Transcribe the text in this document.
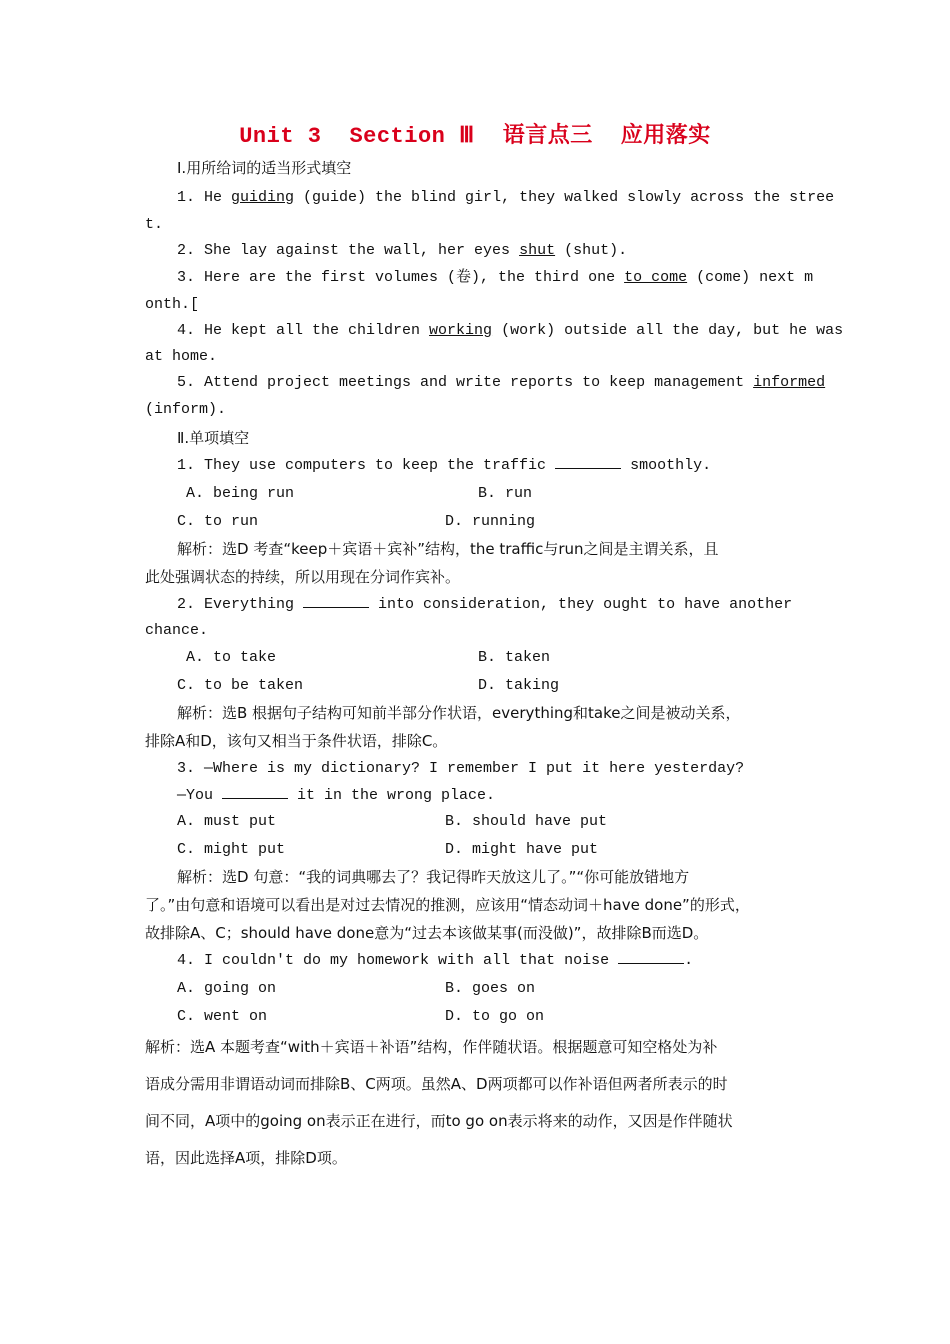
Unit 3 Section Ⅲ 语言点三 应用落实
Ⅰ.用所给词的适当形式填空
1. He guiding (guide) the blind girl, they walked slowly across the stree
t.
2. She lay against the wall, her eyes shut (shut).
3. Here are the first volumes (卷), the third one to come (come) next m
onth.[
4. He kept all the children working (work) outside all the day, but he was
at home.
5. Attend project meetings and write reports to keep management informed
(inform).
Ⅱ.单项填空
1. They use computers to keep the traffic	smoothly.
A. being run	B. run
C. to run	D. running
解析：选D 考查“keep＋宾语＋宾补”结构，the traffic与run之间是主谓关系，且
此处强调状态的持续，所以用现在分词作宾补。
2. Everything	into consideration, they ought to have another
chance.
A. to take	B. taken
C. to be taken	D. taking
解析：选B 根据句子结构可知前半部分作状语，everything和take之间是被动关系，
排除A和D，该句又相当于条件状语，排除C。
3. —Where is my dictionary? I remember I put it here yesterday?
—You	it in the wrong place.
A. must put	B. should have put
C. might put	D. might have put
解析：选D 句意：“我的词典哪去了？我记得昨天放这儿了。”“你可能放错地方
了。”由句意和语境可以看出是对过去情况的推测，应该用“情态动词＋have done”的形式，
故排除A、C；should have done意为“过去本该做某事(而没做)”，故排除B而选D。
4. I couldn't do my homework with all that noise	.
A. going on	B. goes on
C. went on	D. to go on
解析：选A 本题考查“with＋宾语＋补语”结构，作伴随状语。根据题意可知空格处为补
语成分需用非谓语动词而排除B、C两项。虽然A、D两项都可以作补语但两者所表示的时
间不同，A项中的going on表示正在进行，而to go on表示将来的动作，又因是作伴随状
语，因此选择A项，排除D项。
